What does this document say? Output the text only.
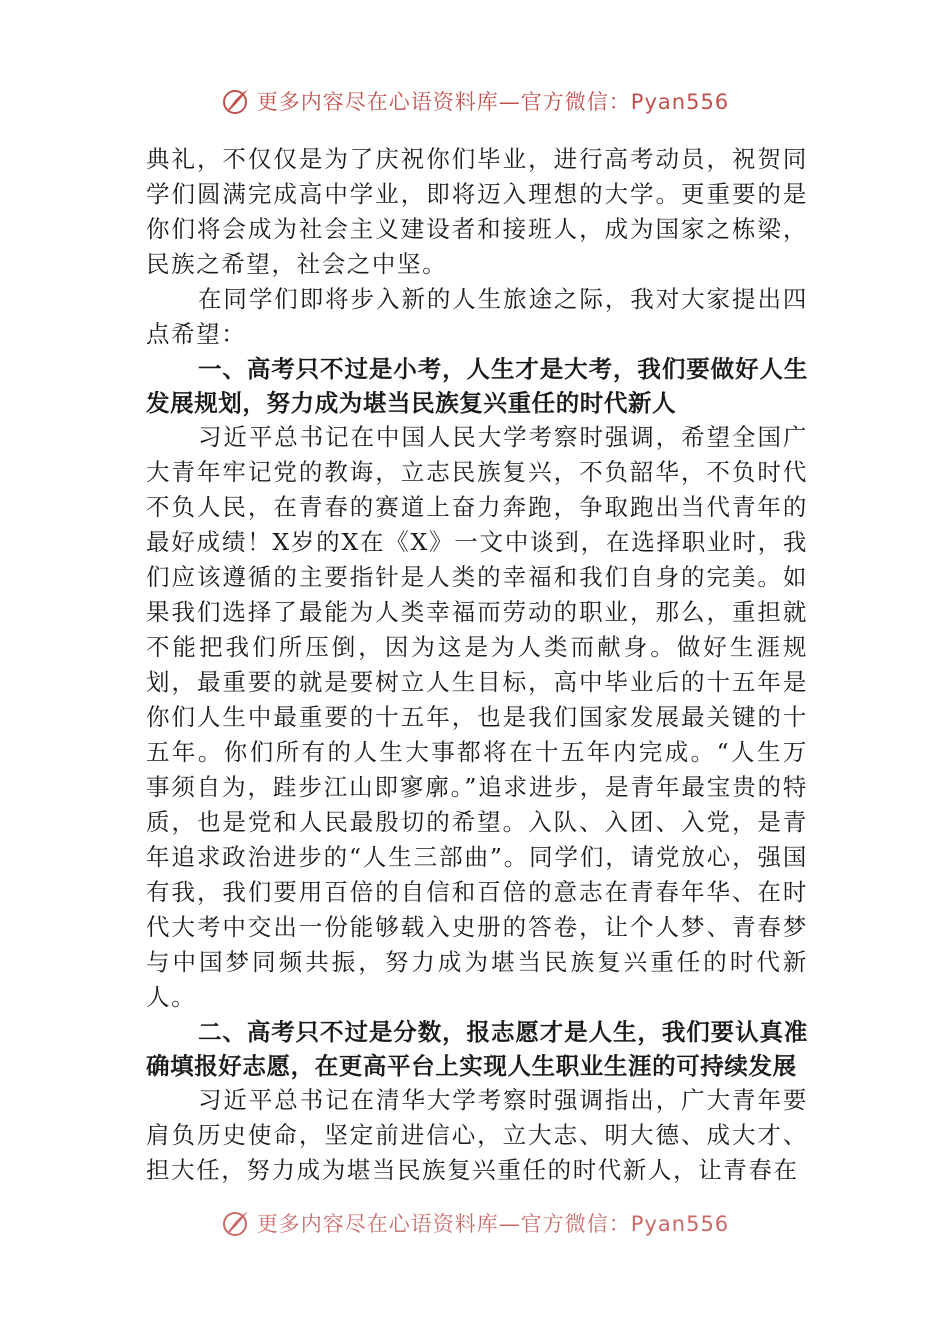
更多内容尽在心语资料库—官方微信：Pyan556

典礼，不仅仅是为了庆祝你们毕业，进行高考动员，祝贺同学们圆满完成高中学业，即将迈入理想的大学。更重要的是你们将会成为社会主义建设者和接班人，成为国家之栋梁，民族之希望，社会之中坚。

在同学们即将步入新的人生旅途之际，我对大家提出四点希望：

一、高考只不过是小考，人生才是大考，我们要做好人生发展规划，努力成为堪当民族复兴重任的时代新人

习近平总书记在中国人民大学考察时强调，希望全国广大青年牢记党的教诲，立志民族复兴，不负韶华，不负时代不负人民，在青春的赛道上奋力奔跑，争取跑出当代青年的最好成绩！X岁的X在《X》一文中谈到，在选择职业时，我们应该遵循的主要指针是人类的幸福和我们自身的完美。如果我们选择了最能为人类幸福而劳动的职业，那么，重担就不能把我们所压倒，因为这是为人类而献身。做好生涯规划，最重要的就是要树立人生目标，高中毕业后的十五年是你们人生中最重要的十五年，也是我们国家发展最关键的十五年。你们所有的人生大事都将在十五年内完成。“人生万事须自为，跬步江山即寥廓。”追求进步，是青年最宝贵的特质，也是党和人民最殷切的希望。入队、入团、入党，是青年追求政治进步的“人生三部曲”。同学们，请党放心，强国有我，我们要用百倍的自信和百倍的意志在青春年华、在时代大考中交出一份能够载入史册的答卷，让个人梦、青春梦与中国梦同频共振，努力成为堪当民族复兴重任的时代新人。

二、高考只不过是分数，报志愿才是人生，我们要认真准确填报好志愿，在更高平台上实现人生职业生涯的可持续发展

习近平总书记在清华大学考察时强调指出，广大青年要肩负历史使命，坚定前进信心，立大志、明大德、成大才、担大任，努力成为堪当民族复兴重任的时代新人，让青春在

更多内容尽在心语资料库—官方微信：Pyan556
